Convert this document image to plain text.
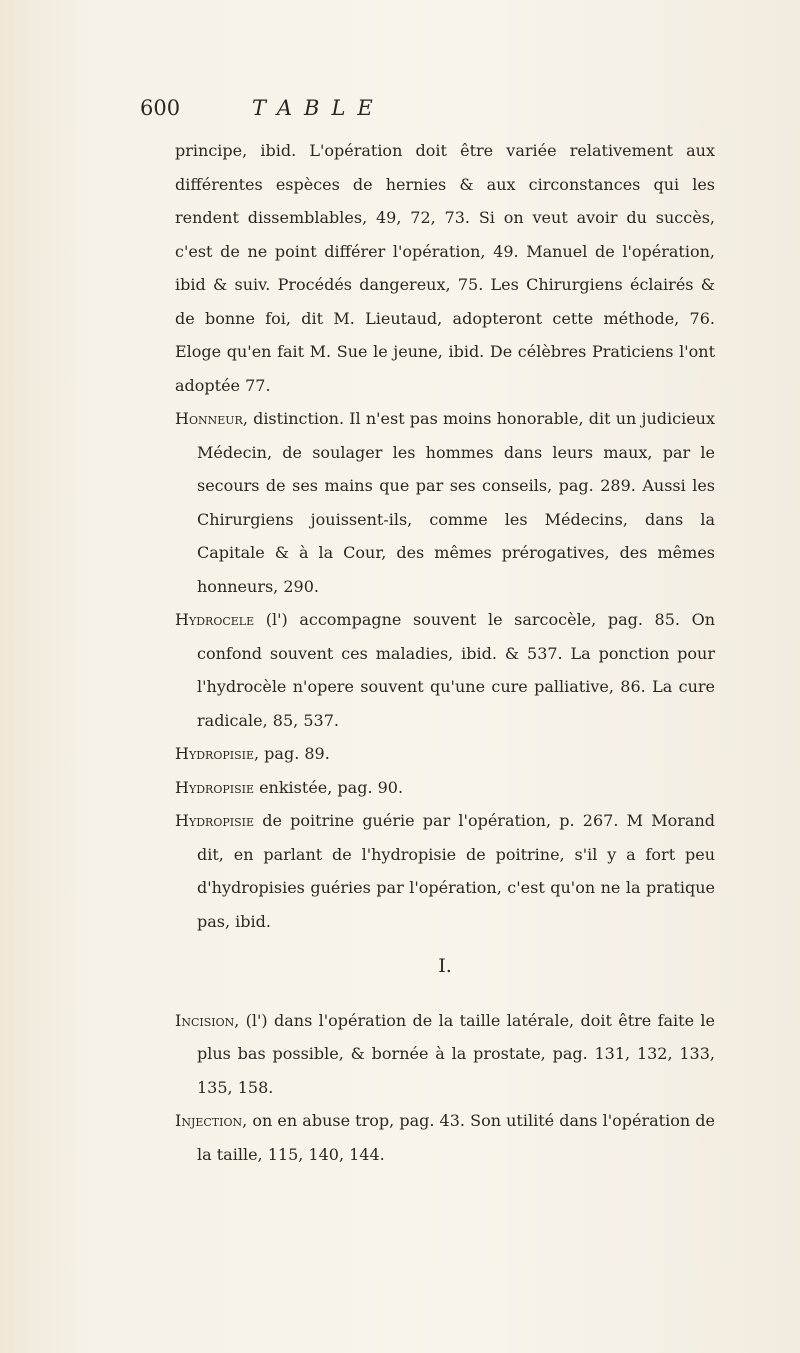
600	TABLE

principe, ibid. L'opération doit être variée relativement aux différentes espèces de hernies & aux circonstances qui les rendent dissemblables, 49, 72, 73. Si on veut avoir du succès, c'est de ne point différer l'opération, 49. Manuel de l'opération, ibid & suiv. Procédés dangereux, 75. Les Chirurgiens éclairés & de bonne foi, dit M. Lieutaud, adopteront cette méthode, 76. Eloge qu'en fait M. Sue le jeune, ibid. De célèbres Praticiens l'ont adoptée 77.

Honneur, distinction. Il n'est pas moins honorable, dit un judicieux Médecin, de soulager les hommes dans leurs maux, par le secours de ses mains que par ses conseils, pag. 289. Aussi les Chirurgiens jouissent-ils, comme les Médecins, dans la Capitale & à la Cour, des mêmes prérogatives, des mêmes honneurs, 290.

Hydrocele (l') accompagne souvent le sarcocèle, pag. 85. On confond souvent ces maladies, ibid. & 537. La ponction pour l'hydrocèle n'opere souvent qu'une cure palliative, 86. La cure radicale, 85, 537.

Hydropisie, pag. 89.

Hydropisie enkistée, pag. 90.

Hydropisie de poitrine guérie par l'opération, p. 267. M Morand dit, en parlant de l'hydropisie de poitrine, s'il y a fort peu d'hydropisies guéries par l'opération, c'est qu'on ne la pratique pas, ibid.

I.

Incision, (l') dans l'opération de la taille latérale, doit être faite le plus bas possible, & bornée à la prostate, pag. 131, 132, 133, 135, 158.

Injection, on en abuse trop, pag. 43. Son utilité dans l'opération de la taille, 115, 140, 144.
